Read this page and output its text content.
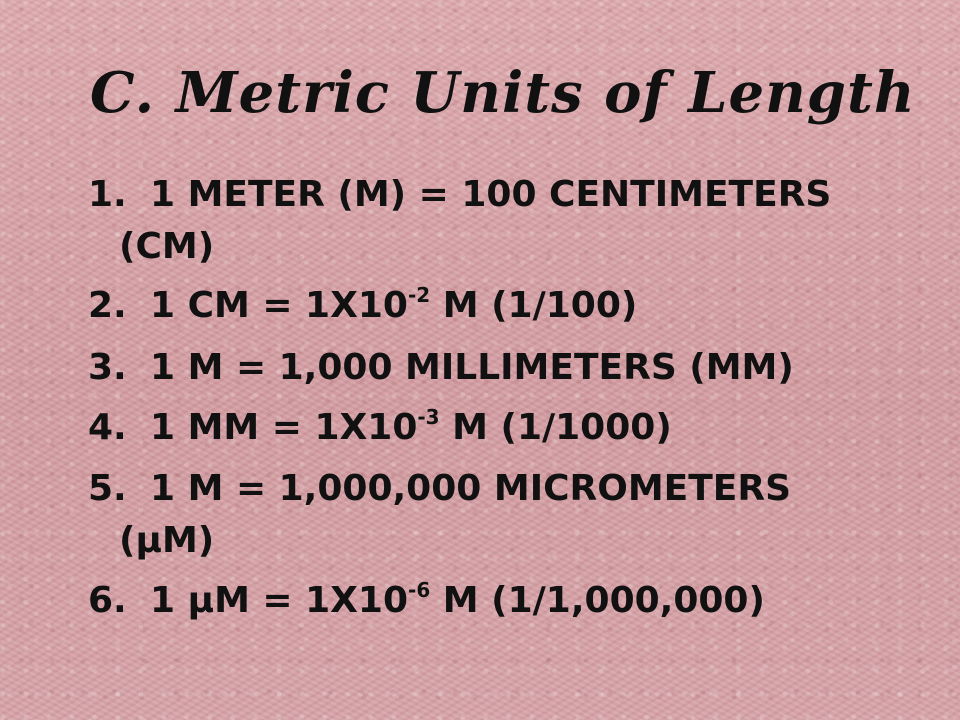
C. Metric Units of Length
1. 1 METER (M) = 100 CENTIMETERS
(CM)
2. 1 CM = $1X10^{-2}$ M (1/100)
3. 1 M = 1,000 MILLIMETERS (MM)
4. 1 MM = $1X10^{-3}$ M (1/1000)
5. 1 M = 1,000,000 MICROMETERS
(µM)
6. 1 $\mu M = 1X10^{-6}$ M (1/1,000,000)
